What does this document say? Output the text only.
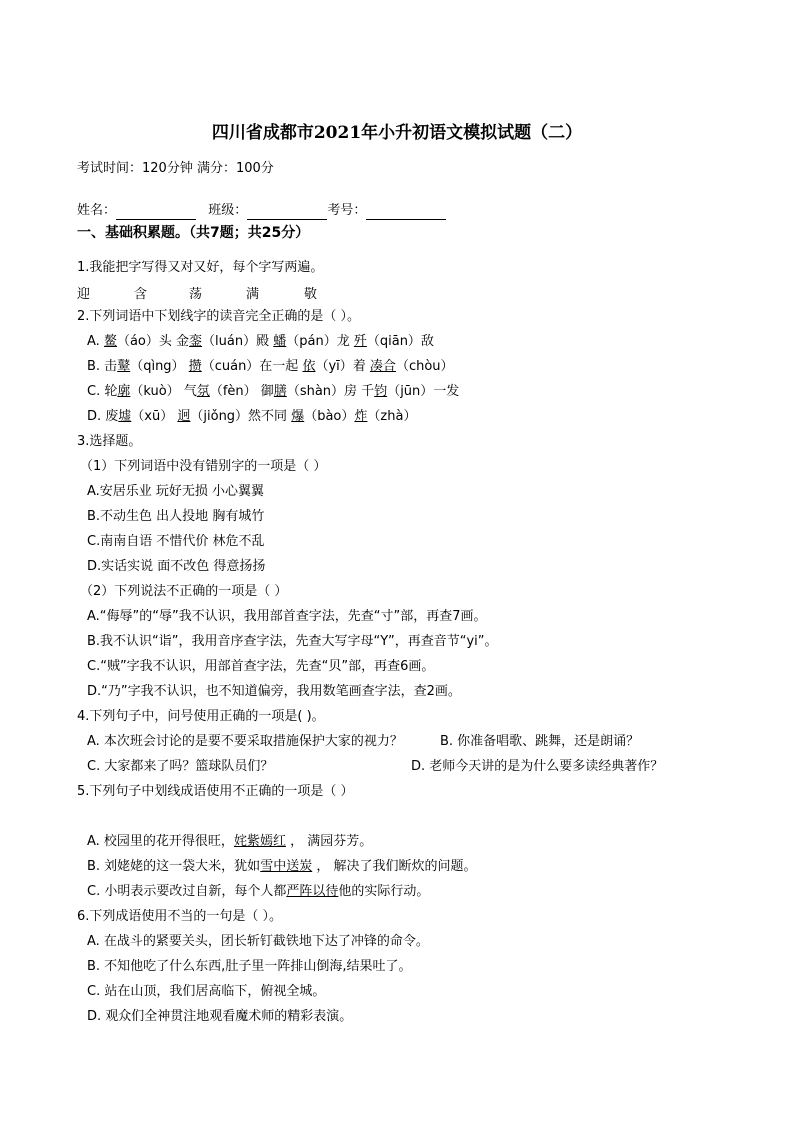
四川省成都市2021年小升初语文模拟试题（二）
考试时间：120分钟 满分：100分
姓名：	班级：	考号：
一、基础积累题。（共7题；共25分）
1.我能把字写得又对又好，每个字写两遍。
迎	含	荡	满	敬
2.下列词语中下划线字的读音完全正确的是（ ）。
A. 鳌（áo）头 金銮（luán）殿 蟠（pán）龙 歼（qiān）敌
B. 击鼙（qìng） 攒（cuán）在一起 依（yī）着 凑合（chòu）
C. 轮廓（kuò） 气氛（fèn） 御膳（shàn）房 千钧（jūn）一发
D. 废墟（xū） 迥（jiǒng）然不同 爆（bào）炸（zhà）
3.选择题。
（1）下列词语中没有错别字的一项是（ ）
A.安居乐业 玩好无损 小心翼翼
B.不动生色 出人投地 胸有城竹
C.南南自语 不惜代价 林危不乱
D.实话实说 面不改色 得意扬扬
（2）下列说法不正确的一项是（ ）
A.“侮辱”的“辱”我不认识，我用部首查字法，先查“寸”部，再查7画。
B.我不认识“诣”，我用音序查字法，先查大写字母“Y”，再查音节“yi”。
C.“贼”字我不认识，用部首查字法，先查“贝”部，再查6画。
D.“乃”字我不认识，也不知道偏旁，我用数笔画查字法，查2画。
4.下列句子中，问号使用正确的一项是( )。
A. 本次班会讨论的是要不要采取措施保护大家的视力？	B. 你准备唱歌、跳舞，还是朗诵？
C. 大家都来了吗？篮球队员们？	D. 老师今天讲的是为什么要多读经典著作？
5.下列句子中划线成语使用不正确的一项是（ ）
A. 校园里的花开得很旺，姹紫嫣红 ， 满园芬芳。
B. 刘姥姥的这一袋大米，犹如雪中送炭 ， 解决了我们断炊的问题。
C. 小明表示要改过自新，每个人都严阵以待他的实际行动。
6.下列成语使用不当的一句是（ ）。
A. 在战斗的紧要关头，团长斩钉截铁地下达了冲锋的命令。
B. 不知他吃了什么东西,肚子里一阵排山倒海,结果吐了。
C. 站在山顶，我们居高临下，俯视全城。
D. 观众们全神贯注地观看魔术师的精彩表演。
